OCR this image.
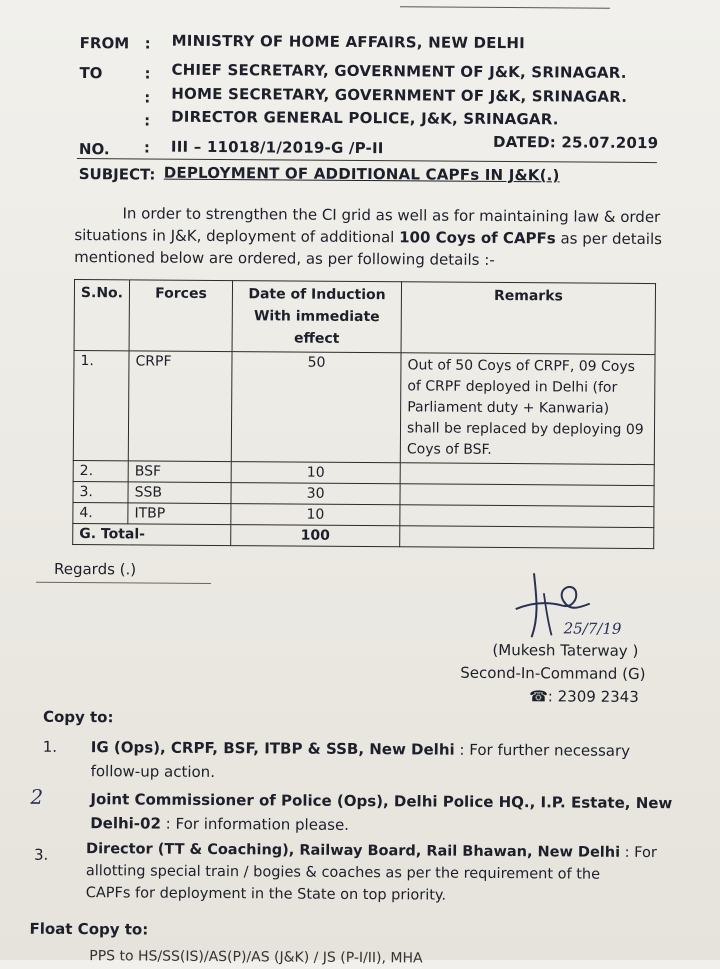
FROM : MINISTRY OF HOME AFFAIRS, NEW DELHI
TO	: CHIEF SECRETARY, GOVERNMENT OF J&K, SRINAGAR.
: HOME SECRETARY, GOVERNMENT OF J&K, SRINAGAR.
: DIRECTOR GENERAL POLICE, J&K, SRINAGAR.
NO. : III – 11018/1/2019-G /P-II	DATED: 25.07.2019
SUBJECT: DEPLOYMENT OF ADDITIONAL CAPFs IN J&K(.)
In order to strengthen the CI grid as well as for maintaining law & order
situations in J&K, deployment of additional 100 Coys of CAPFs as per details
mentioned below are ordered, as per following details :-
S.No.	Forces	Date of Induction
With immediate
effect	Remarks
1.	CRPF	50	Out of 50 Coys of CRPF, 09 Coys
of CRPF deployed in Delhi (for
Parliament duty + Kanwaria)
shall be replaced by deploying 09
Coys of BSF.

2.	BSF	10	
3.	SSB	30	
4.	ITBP	10	
G. Total-		100	
Regards (.)
25/7/19
(Mukesh Taterway )
Second-In-Command (G)
☎: 2309 2343
Copy to:
1. IG (Ops), CRPF, BSF, ITBP & SSB, New Delhi : For further necessary
follow-up action.
2	Joint Commissioner of Police (Ops), Delhi Police HQ., I.P. Estate, New
Delhi-02 : For information please.
3.	Director (TT & Coaching), Railway Board, Rail Bhawan, New Delhi : For
allotting special train / bogies & coaches as per the requirement of the
CAPFs for deployment in the State on top priority.
Float Copy to:
PPS to HS/SS(IS)/AS(P)/AS (J&K) / JS (P-I/II), MHA
